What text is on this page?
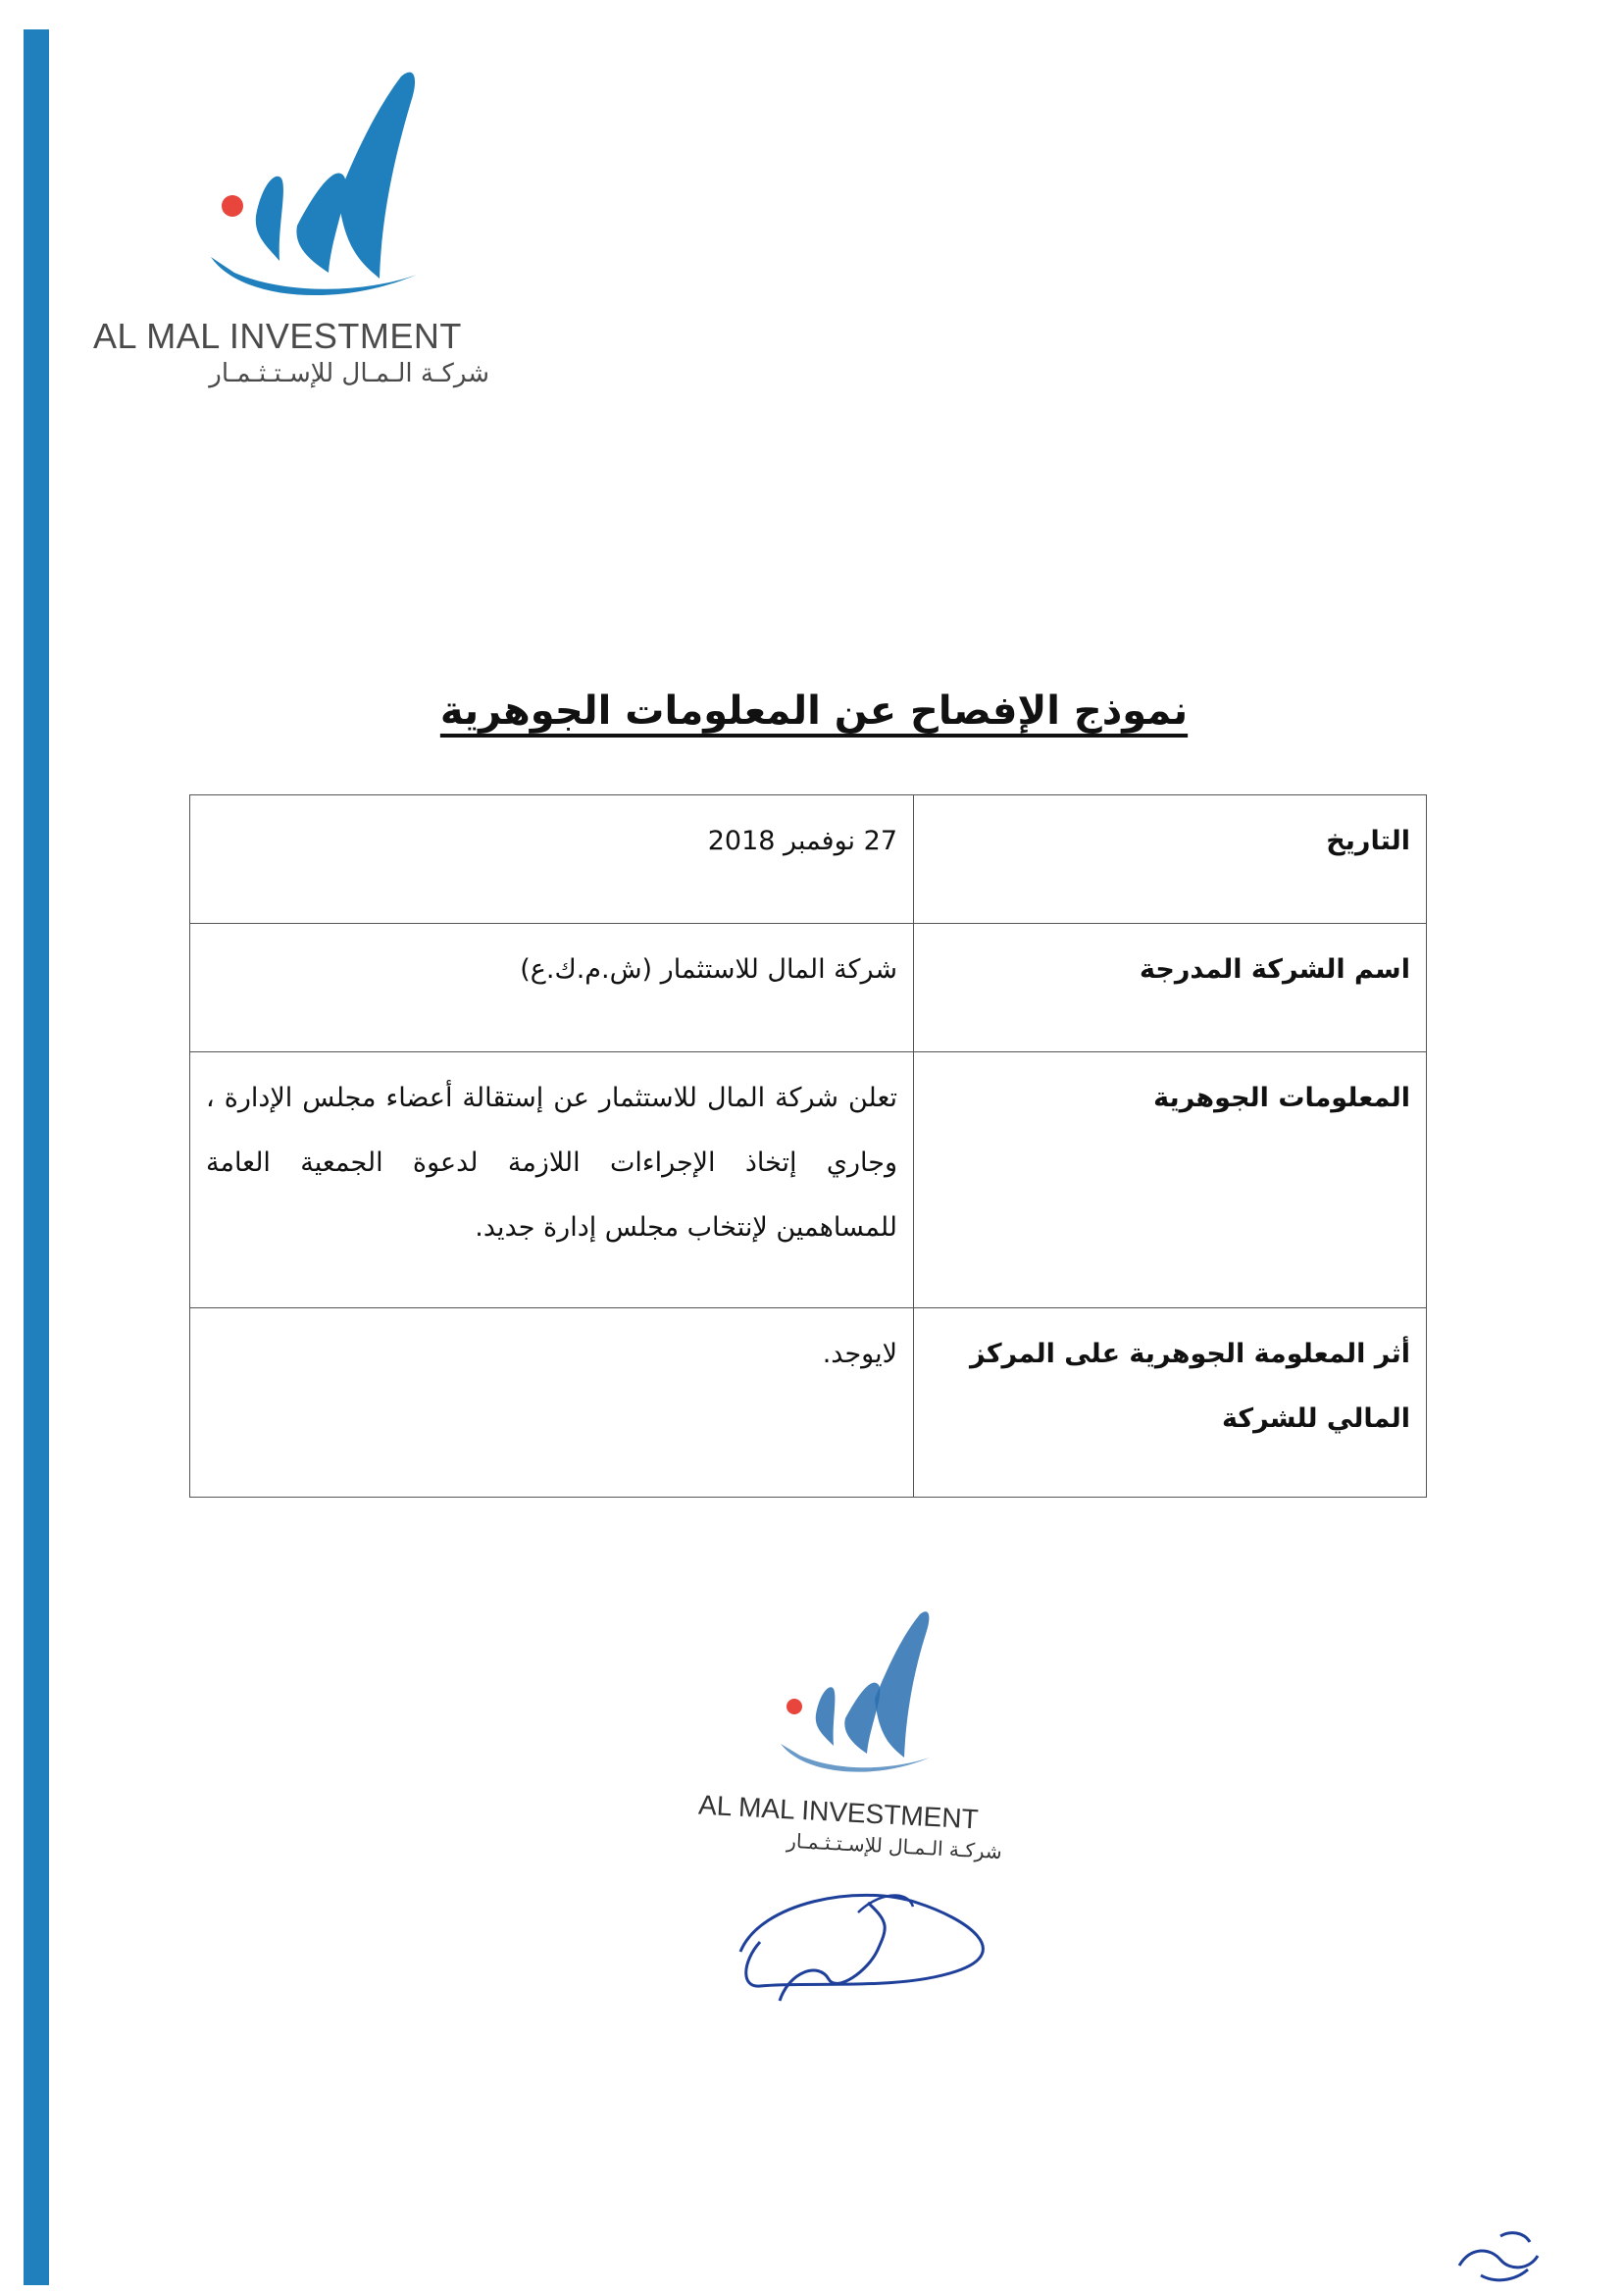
AL MAL INVESTMENT
شركـة الـمـال للإسـتـثـمـار
نموذج الإفصاح عن المعلومات الجوهرية
التاريخ	27 نوفمبر 2018
اسم الشركة المدرجة	شركة المال للاستثمار (ش.م.ك.ع)
المعلومات الجوهرية	تعلن شركة المال للاستثمار عن إستقالة أعضاء مجلس الإدارة ، وجاري إتخاذ الإجراءات اللازمة لدعوة الجمعية العامة للمساهمين لإنتخاب مجلس إدارة جديد.
أثر المعلومة الجوهرية على المركز المالي للشركة	لايوجد.
AL MAL INVESTMENT
شركـة الـمـال للإسـتـثـمـار
